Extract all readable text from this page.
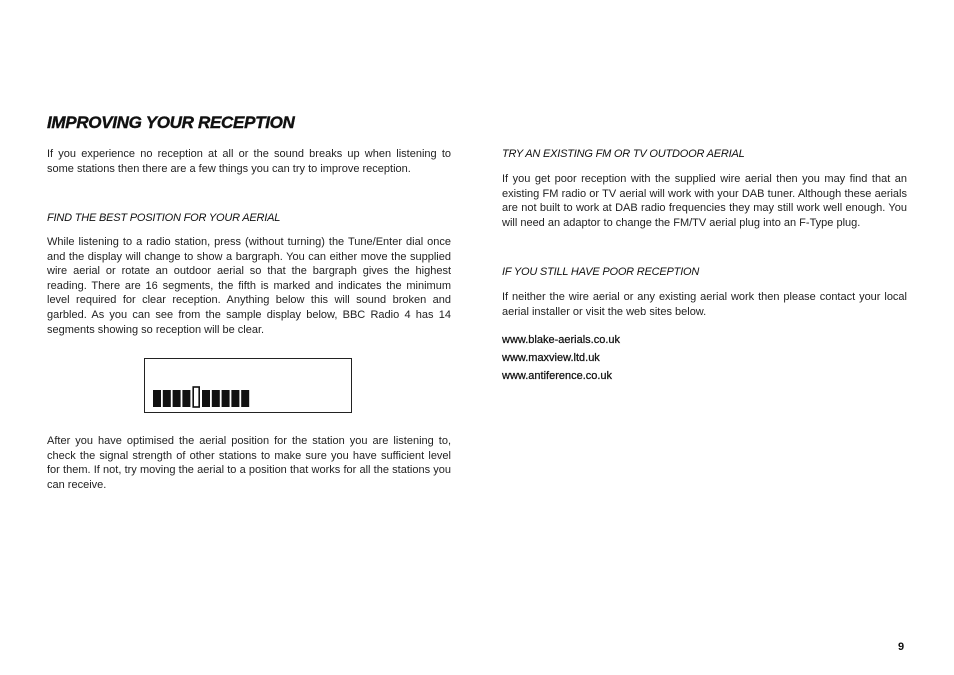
IMPROVING YOUR RECEPTION

If you experience no reception at all or the sound breaks up when listening to some stations then there are a few things you can try to improve reception.

FIND THE BEST POSITION FOR YOUR AERIAL

While listening to a radio station, press (without turning) the Tune/Enter dial once and the display will change to show a bargraph. You can either move the supplied wire aerial or rotate an outdoor aerial so that the bargraph gives the highest reading. There are 16 segments, the fifth is marked and indicates the minimum level required for clear reception. Anything below this will sound broken and garbled. As you can see from the sample display below, BBC Radio 4 has 14 segments showing so reception will be clear.

After you have optimised the aerial position for the station you are listening to, check the signal strength of other stations to make sure you have sufficient level for them. If not, try moving the aerial to a position that works for all the stations you can receive.

TRY AN EXISTING FM OR TV OUTDOOR AERIAL

If you get poor reception with the supplied wire aerial then you may find that an existing FM radio or TV aerial will work with your DAB tuner. Although these aerials are not built to work at DAB radio frequencies they may still work well enough. You will need an adaptor to change the FM/TV aerial plug into an F-Type plug.

IF YOU STILL HAVE POOR RECEPTION

If neither the wire aerial or any existing aerial work then please contact your local aerial installer or visit the web sites below.

www.blake-aerials.co.uk

www.maxview.ltd.uk

www.antiference.co.uk

9
